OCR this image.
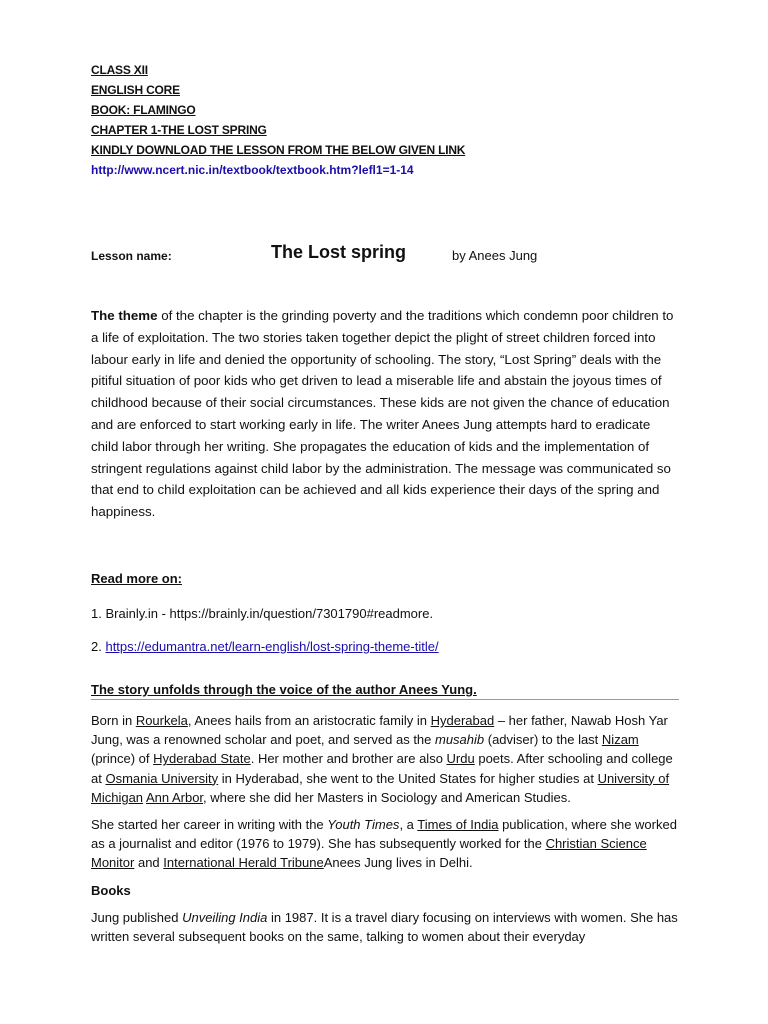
CLASS XII
ENGLISH CORE
BOOK: FLAMINGO
CHAPTER 1-THE LOST SPRING
KINDLY DOWNLOAD THE LESSON FROM THE BELOW GIVEN LINK
http://www.ncert.nic.in/textbook/textbook.htm?lefl1=1-14
Lesson name:	The Lost spring	by Anees Jung
The theme of the chapter is the grinding poverty and the traditions which condemn poor children to a life of exploitation. The two stories taken together depict the plight of street children forced into labour early in life and denied the opportunity of schooling. The story, “Lost Spring” deals with the pitiful situation of poor kids who get driven to lead a miserable life and abstain the joyous times of childhood because of their social circumstances. These kids are not given the chance of education and are enforced to start working early in life. The writer Anees Jung attempts hard to eradicate child labor through her writing. She propagates the education of kids and the implementation of stringent regulations against child labor by the administration. The message was communicated so that end to child exploitation can be achieved and all kids experience their days of the spring and happiness.
Read more on:
1. Brainly.in - https://brainly.in/question/7301790#readmore.
2. https://edumantra.net/learn-english/lost-spring-theme-title/
The story unfolds through the voice of the author Anees Yung.

Born in Rourkela, Anees hails from an aristocratic family in Hyderabad – her father, Nawab Hosh Yar Jung, was a renowned scholar and poet, and served as the musahib (adviser) to the last Nizam (prince) of Hyderabad State. Her mother and brother are also Urdu poets. After schooling and college at Osmania University in Hyderabad, she went to the United States for higher studies at University of Michigan Ann Arbor, where she did her Masters in Sociology and American Studies.

She started her career in writing with the Youth Times, a Times of India publication, where she worked as a journalist and editor (1976 to 1979). She has subsequently worked for the Christian Science Monitor and International Herald TribuneAnees Jung lives in Delhi.

Books

Jung published Unveiling India in 1987. It is a travel diary focusing on interviews with women. She has written several subsequent books on the same, talking to women about their everyday
